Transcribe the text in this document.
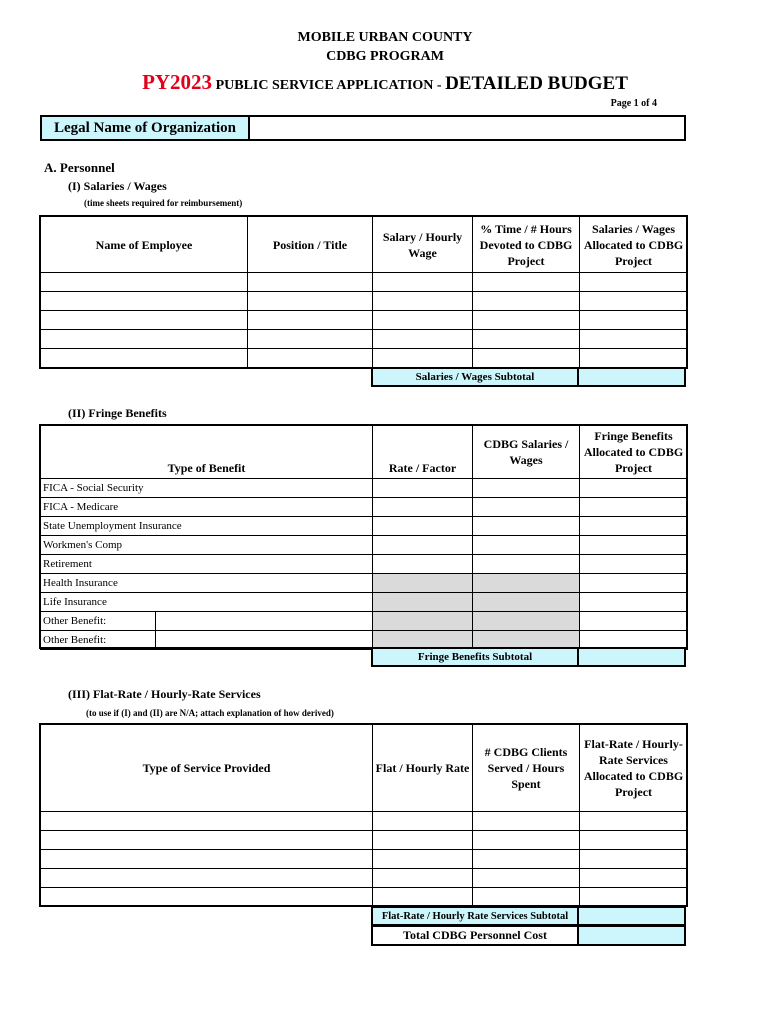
MOBILE URBAN COUNTY
CDBG PROGRAM
PY2023 PUBLIC SERVICE APPLICATION - DETAILED BUDGET
Page 1 of 4
Legal Name of Organization
A. Personnel
(I) Salaries / Wages
(time sheets required for reimbursement)
Name of Employee	Position / Title	Salary / Hourly Wage	% Time / # Hours Devoted to CDBG Project	Salaries / Wages Allocated to CDBG Project

Salaries / Wages Subtotal
(II) Fringe Benefits
Type of Benefit		Rate / Factor	CDBG Salaries / Wages	Fringe Benefits Allocated to CDBG Project
FICA - Social Security				
FICA - Medicare				
State Unemployment Insurance				
Workmen's Comp				
Retirement				
Health Insurance				
Life Insurance				
Other Benefit:				
Other Benefit:				
Fringe Benefits Subtotal
(III) Flat-Rate / Hourly-Rate Services
(to use if (I) and (II) are N/A; attach explanation of how derived)
Type of Service Provided	Flat / Hourly Rate	# CDBG Clients Served / Hours Spent	Flat-Rate / Hourly-Rate Services Allocated to CDBG Project

Flat-Rate / Hourly Rate Services Subtotal
Total CDBG Personnel Cost
